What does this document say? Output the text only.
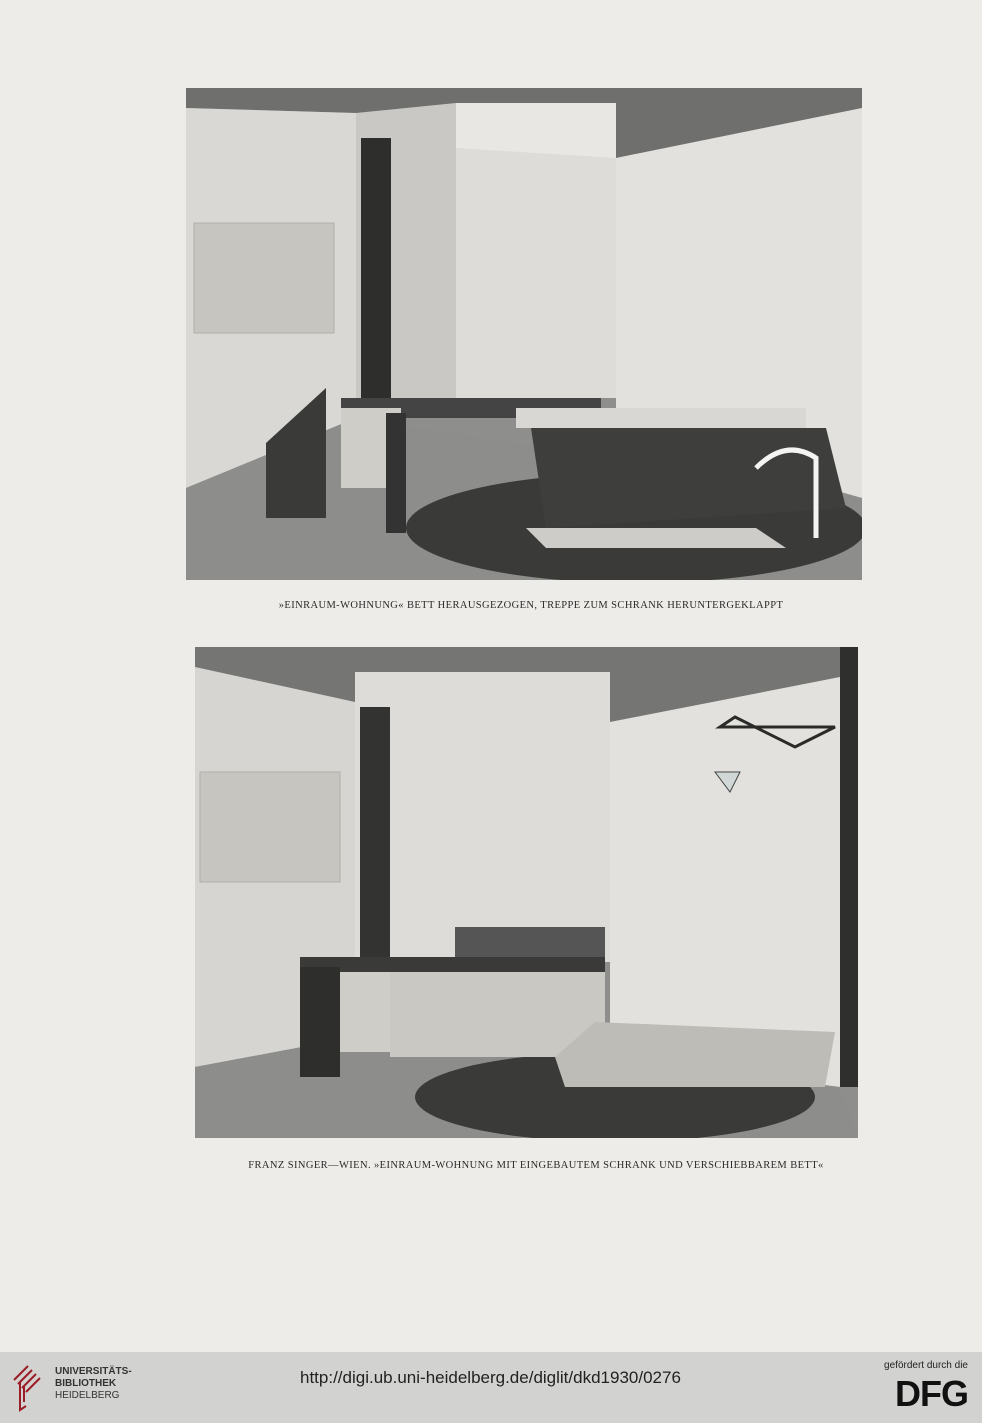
»EINRAUM-WOHNUNG« BETT HERAUSGEZOGEN, TREPPE ZUM SCHRANK HERUNTERGEKLAPPT
FRANZ SINGER—WIEN. »EINRAUM-WOHNUNG MIT EINGEBAUTEM SCHRANK UND VERSCHIEBBAREM BETT«
UNIVERSITÄTS-
BIBLIOTHEK
HEIDELBERG
http://digi.ub.uni-heidelberg.de/diglit/dkd1930/0276
gefördert durch die
DFG
